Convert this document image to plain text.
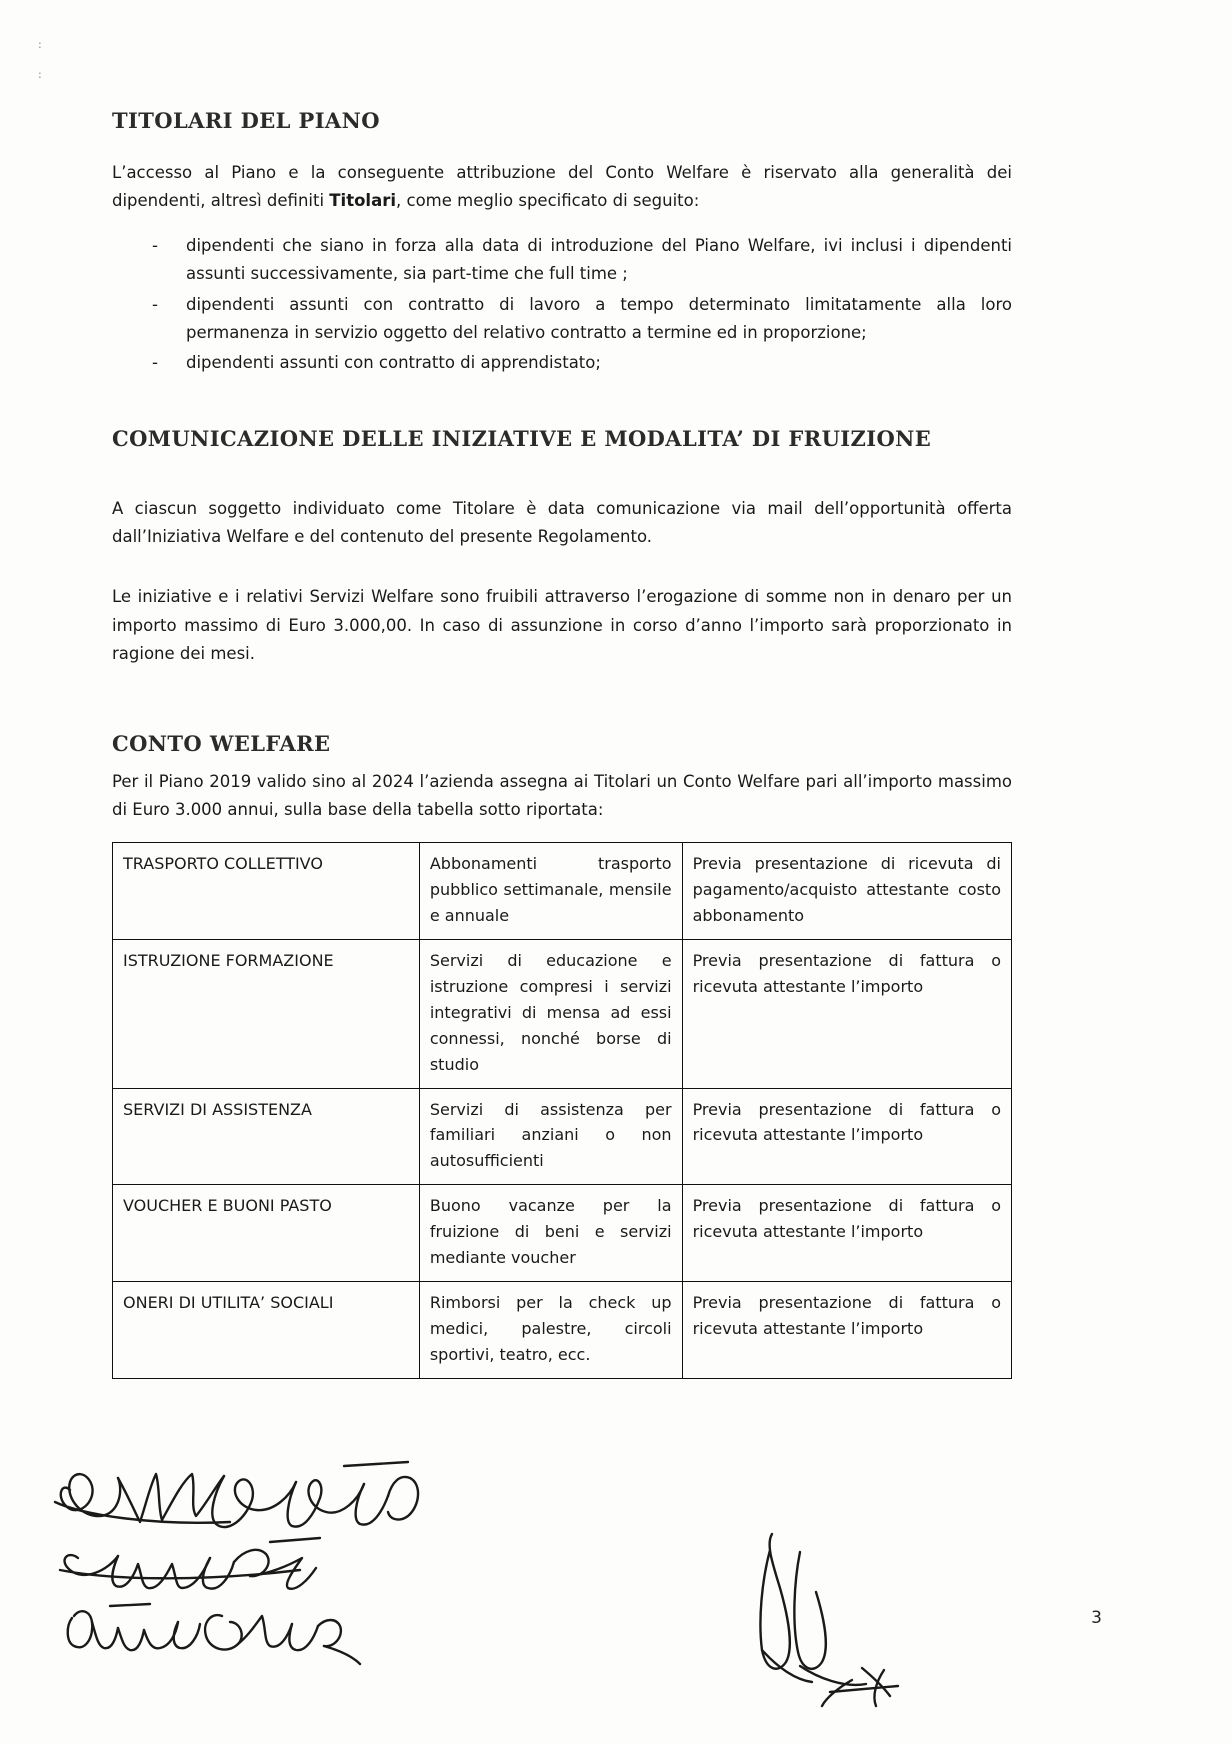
:
:
TITOLARI DEL PIANO

L’accesso al Piano e la conseguente attribuzione del Conto Welfare è riservato alla generalità dei dipendenti, altresì definiti Titolari, come meglio specificato di seguito:

- dipendenti che siano in forza alla data di introduzione del Piano Welfare, ivi inclusi i dipendenti assunti successivamente, sia part-time che full time ;
- dipendenti assunti con contratto di lavoro a tempo determinato limitatamente alla loro permanenza in servizio oggetto del relativo contratto a termine ed in proporzione;
- dipendenti assunti con contratto di apprendistato;
COMUNICAZIONE DELLE INIZIATIVE E MODALITA’ DI FRUIZIONE

A ciascun soggetto individuato come Titolare è data comunicazione via mail dell’opportunità offerta dall’Iniziativa Welfare e del contenuto del presente Regolamento.

Le iniziative e i relativi Servizi Welfare sono fruibili attraverso l’erogazione di somme non in denaro per un importo massimo di Euro 3.000,00. In caso di assunzione in corso d’anno l’importo sarà proporzionato in ragione dei mesi.

CONTO WELFARE

Per il Piano 2019 valido sino al 2024 l’azienda assegna ai Titolari un Conto Welfare pari all’importo massimo di Euro 3.000 annui, sulla base della tabella sotto riportata:

TRASPORTO COLLETTIVO	Abbonamenti trasporto pubblico settimanale, mensile e annuale	Previa presentazione di ricevuta di pagamento/acquisto attestante costo abbonamento
ISTRUZIONE FORMAZIONE	Servizi di educazione e istruzione compresi i servizi integrativi di mensa ad essi connessi, nonché borse di studio	Previa presentazione di fattura o ricevuta attestante l’importo
SERVIZI DI ASSISTENZA	Servizi di assistenza per familiari anziani o non autosufficienti	Previa presentazione di fattura o ricevuta attestante l’importo
VOUCHER E BUONI PASTO	Buono vacanze per la fruizione di beni e servizi mediante voucher	Previa presentazione di fattura o ricevuta attestante l’importo
ONERI DI UTILITA’ SOCIALI	Rimborsi per la check up medici, palestre, circoli sportivi, teatro, ecc.	Previa presentazione di fattura o ricevuta attestante l’importo
3
